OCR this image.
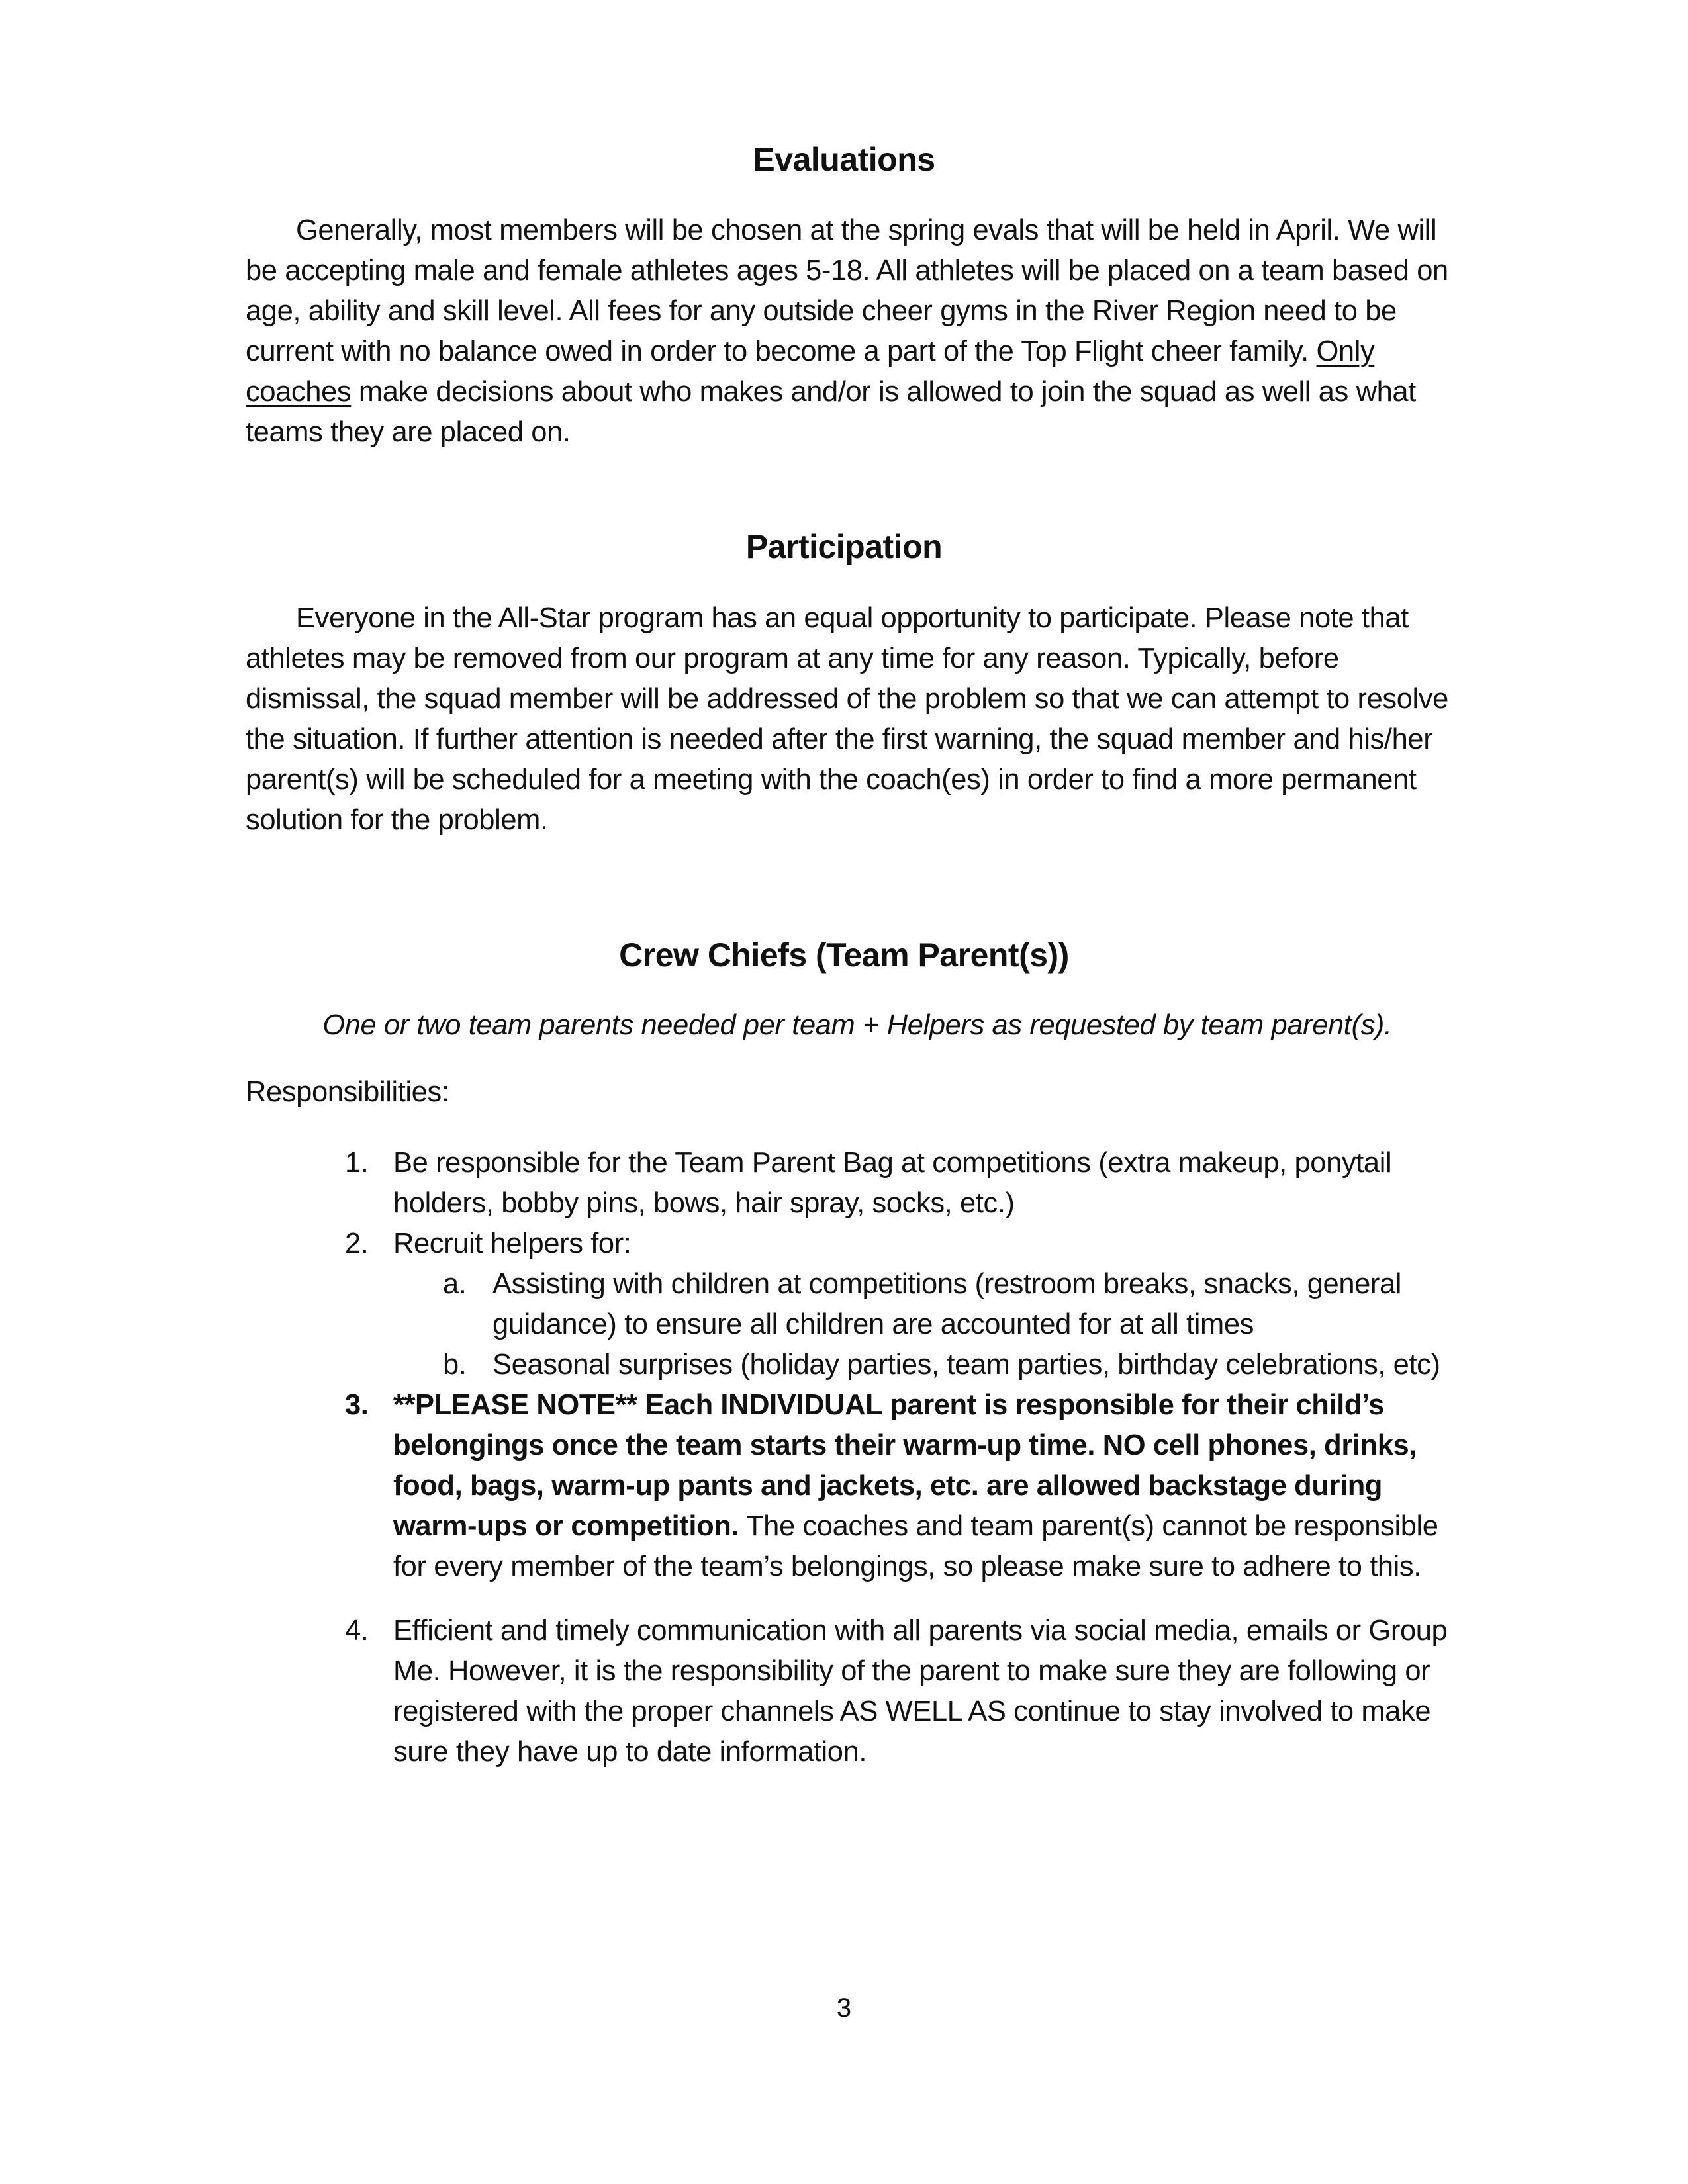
Evaluations

Generally, most members will be chosen at the spring evals that will be held in April. We will be accepting male and female athletes ages 5-18. All athletes will be placed on a team based on age, ability and skill level. All fees for any outside cheer gyms in the River Region need to be current with no balance owed in order to become a part of the Top Flight cheer family. Only coaches make decisions about who makes and/or is allowed to join the squad as well as what teams they are placed on.

Participation

Everyone in the All-Star program has an equal opportunity to participate. Please note that athletes may be removed from our program at any time for any reason. Typically, before dismissal, the squad member will be addressed of the problem so that we can attempt to resolve the situation. If further attention is needed after the first warning, the squad member and his/her parent(s) will be scheduled for a meeting with the coach(es) in order to find a more permanent solution for the problem.

Crew Chiefs (Team Parent(s))
One or two team parents needed per team + Helpers as requested by team parent(s).
Responsibilities:
1. Be responsible for the Team Parent Bag at competitions (extra makeup, ponytail holders, bobby pins, bows, hair spray, socks, etc.)
2. Recruit helpers for:
a. Assisting with children at competitions (restroom breaks, snacks, general guidance) to ensure all children are accounted for at all times
b. Seasonal surprises (holiday parties, team parties, birthday celebrations, etc)
3. **PLEASE NOTE** Each INDIVIDUAL parent is responsible for their child’s belongings once the team starts their warm-up time. NO cell phones, drinks, food, bags, warm-up pants and jackets, etc. are allowed backstage during warm-ups or competition. The coaches and team parent(s) cannot be responsible for every member of the team’s belongings, so please make sure to adhere to this.
4. Efficient and timely communication with all parents via social media, emails or Group Me. However, it is the responsibility of the parent to make sure they are following or registered with the proper channels AS WELL AS continue to stay involved to make sure they have up to date information.
3
